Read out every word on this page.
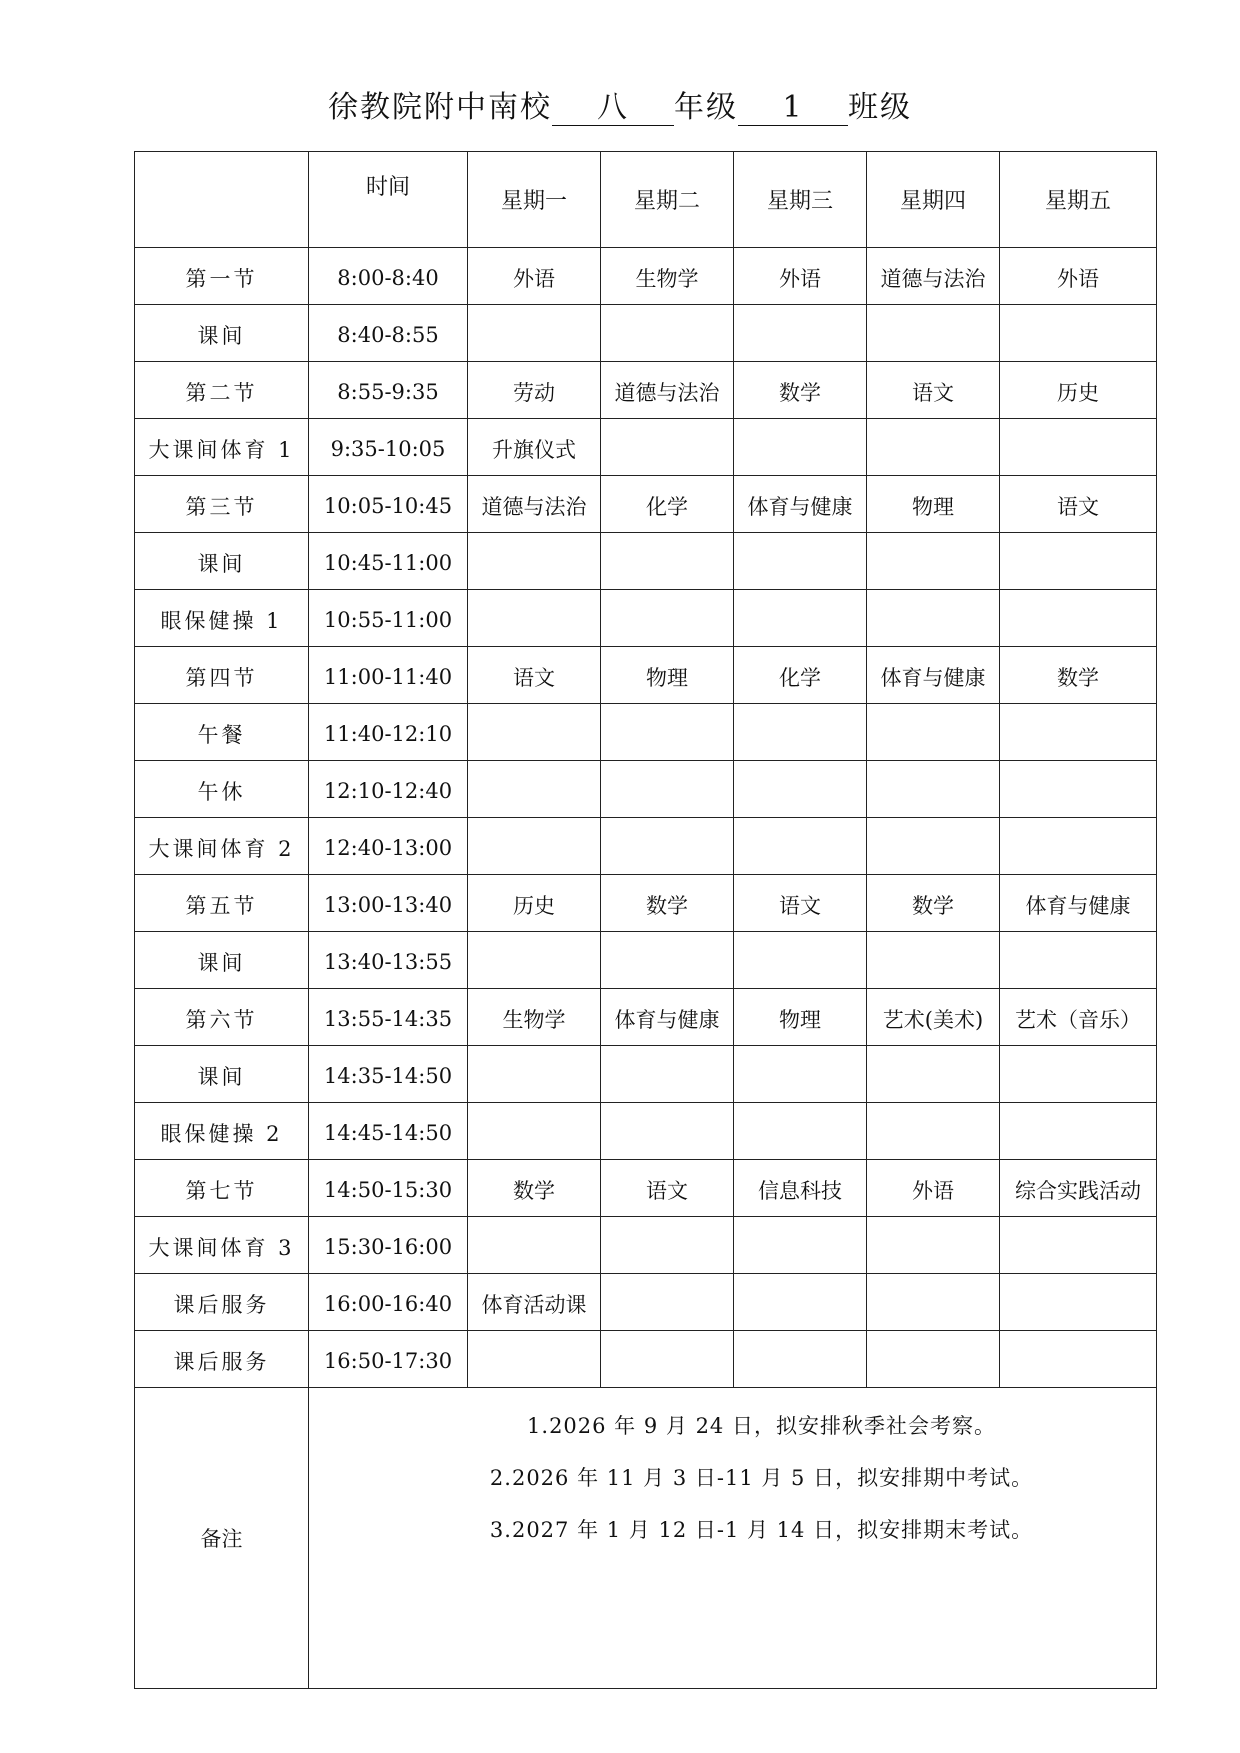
徐教院附中南校 八 年级 1 班级
	时间	星期一	星期二	星期三	星期四	星期五
第一节	8:00-8:40	外语	生物学	外语	道德与法治	外语
课间	8:40-8:55					
第二节	8:55-9:35	劳动	道德与法治	数学	语文	历史
大课间体育 1	9:35-10:05	升旗仪式				
第三节	10:05-10:45	道德与法治	化学	体育与健康	物理	语文
课间	10:45-11:00					
眼保健操 1	10:55-11:00					
第四节	11:00-11:40	语文	物理	化学	体育与健康	数学
午餐	11:40-12:10					
午休	12:10-12:40					
大课间体育 2	12:40-13:00					
第五节	13:00-13:40	历史	数学	语文	数学	体育与健康
课间	13:40-13:55					
第六节	13:55-14:35	生物学	体育与健康	物理	艺术(美术)	艺术（音乐）
课间	14:35-14:50					
眼保健操 2	14:45-14:50					
第七节	14:50-15:30	数学	语文	信息科技	外语	综合实践活动
大课间体育 3	15:30-16:00					
课后服务	16:00-16:40	体育活动课				
课后服务	16:50-17:30					
备注	1.2026 年 9 月 24 日，拟安排秋季社会考察。
2.2026 年 11 月 3 日-11 月 5 日，拟安排期中考试。
3.2027 年 1 月 12 日-1 月 14 日，拟安排期末考试。					
